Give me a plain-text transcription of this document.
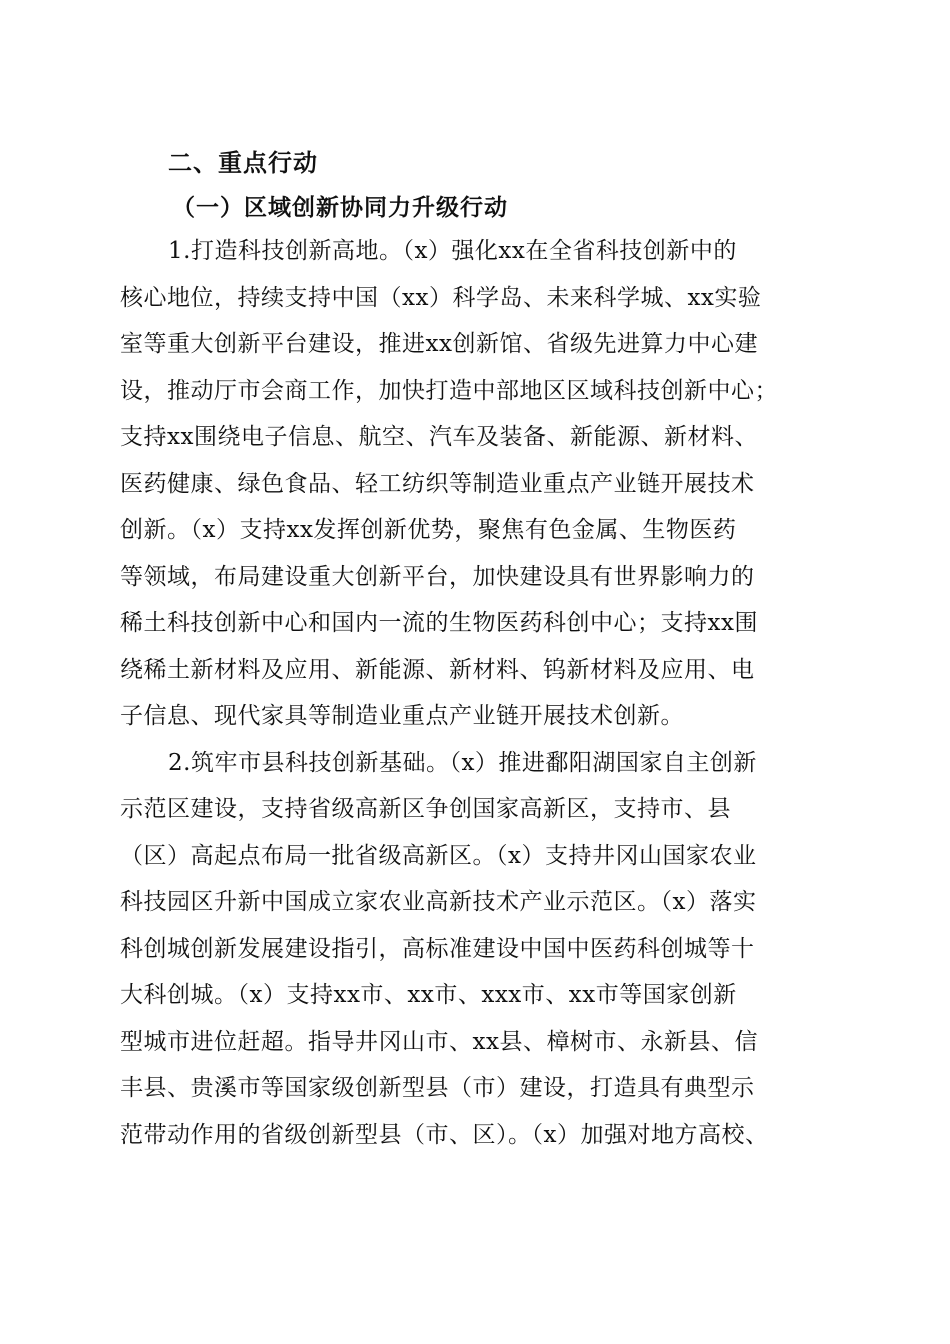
二、重点行动
（一）区域创新协同力升级行动
1.打造科技创新高地。（x）强化xx在全省科技创新中的
核心地位，持续支持中国（xx）科学岛、未来科学城、xx实验
室等重大创新平台建设，推进xx创新馆、省级先进算力中心建
设，推动厅市会商工作，加快打造中部地区区域科技创新中心；
支持xx围绕电子信息、航空、汽车及装备、新能源、新材料、
医药健康、绿色食品、轻工纺织等制造业重点产业链开展技术
创新。（x）支持xx发挥创新优势，聚焦有色金属、生物医药
等领域，布局建设重大创新平台，加快建设具有世界影响力的
稀土科技创新中心和国内一流的生物医药科创中心；支持xx围
绕稀土新材料及应用、新能源、新材料、钨新材料及应用、电
子信息、现代家具等制造业重点产业链开展技术创新。
2.筑牢市县科技创新基础。（x）推进鄱阳湖国家自主创新
示范区建设，支持省级高新区争创国家高新区，支持市、县
（区）高起点布局一批省级高新区。（x）支持井冈山国家农业
科技园区升新中国成立家农业高新技术产业示范区。（x）落实
科创城创新发展建设指引，高标准建设中国中医药科创城等十
大科创城。（x）支持xx市、xx市、xxx市、xx市等国家创新
型城市进位赶超。指导井冈山市、xx县、樟树市、永新县、信
丰县、贵溪市等国家级创新型县（市）建设，打造具有典型示
范带动作用的省级创新型县（市、区）。（x）加强对地方高校、
